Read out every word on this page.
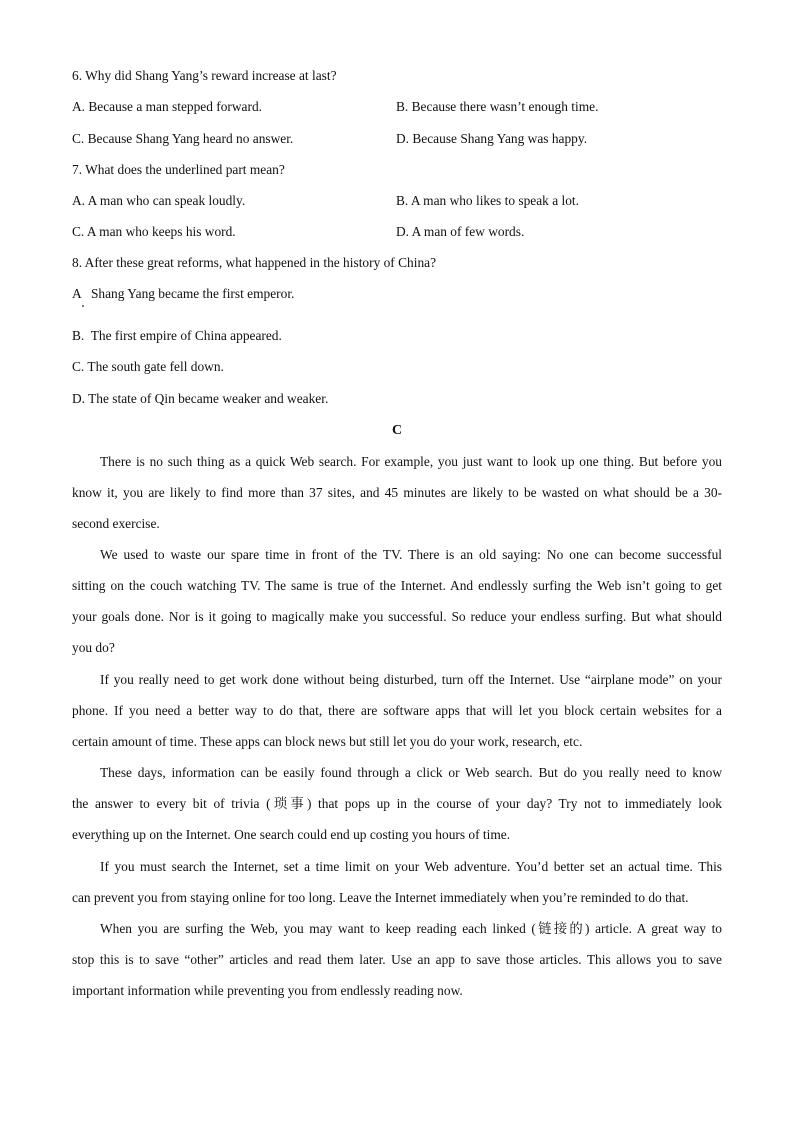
6. Why did Shang Yang’s reward increase at last?
A. Because a man stepped forward.	B. Because there wasn’t enough time.
C. Because Shang Yang heard no answer.	D. Because Shang Yang was happy.
7. What does the underlined part mean?
A. A man who can speak loudly.	B. A man who likes to speak a lot.
C. A man who keeps his word.	D. A man of few words.
8. After these great reforms, what happened in the history of China?
A   Shang Yang became the first emperor.
B.  The first empire of China appeared.
C. The south gate fell down.
D. The state of Qin became weaker and weaker.
C
There is no such thing as a quick Web search. For example, you just want to look up one thing. But before you
know it, you are likely to find more than 37 sites, and 45 minutes are likely to be wasted on what should be a 30-
second exercise.
We used to waste our spare time in front of the TV. There is an old saying: No one can become successful
sitting on the couch watching TV. The same is true of the Internet. And endlessly surfing the Web isn’t going to get
your goals done. Nor is it going to magically make you successful. So reduce your endless surfing. But what should
you do?
If you really need to get work done without being disturbed, turn off the Internet. Use “airplane mode” on your
phone. If you need a better way to do that, there are software apps that will let you block certain websites for a
certain amount of time. These apps can block news but still let you do your work, research, etc.
These days, information can be easily found through a click or Web search. But do you really need to know
the answer to every bit of trivia (琐事) that pops up in the course of your day? Try not to immediately look
everything up on the Internet. One search could end up costing you hours of time.
If you must search the Internet, set a time limit on your Web adventure. You’d better set an actual time. This
can prevent you from staying online for too long. Leave the Internet immediately when you’re reminded to do that.
When you are surfing the Web, you may want to keep reading each linked (链接的) article. A great way to
stop this is to save “other” articles and read them later. Use an app to save those articles. This allows you to save
important information while preventing you from endlessly reading now.
